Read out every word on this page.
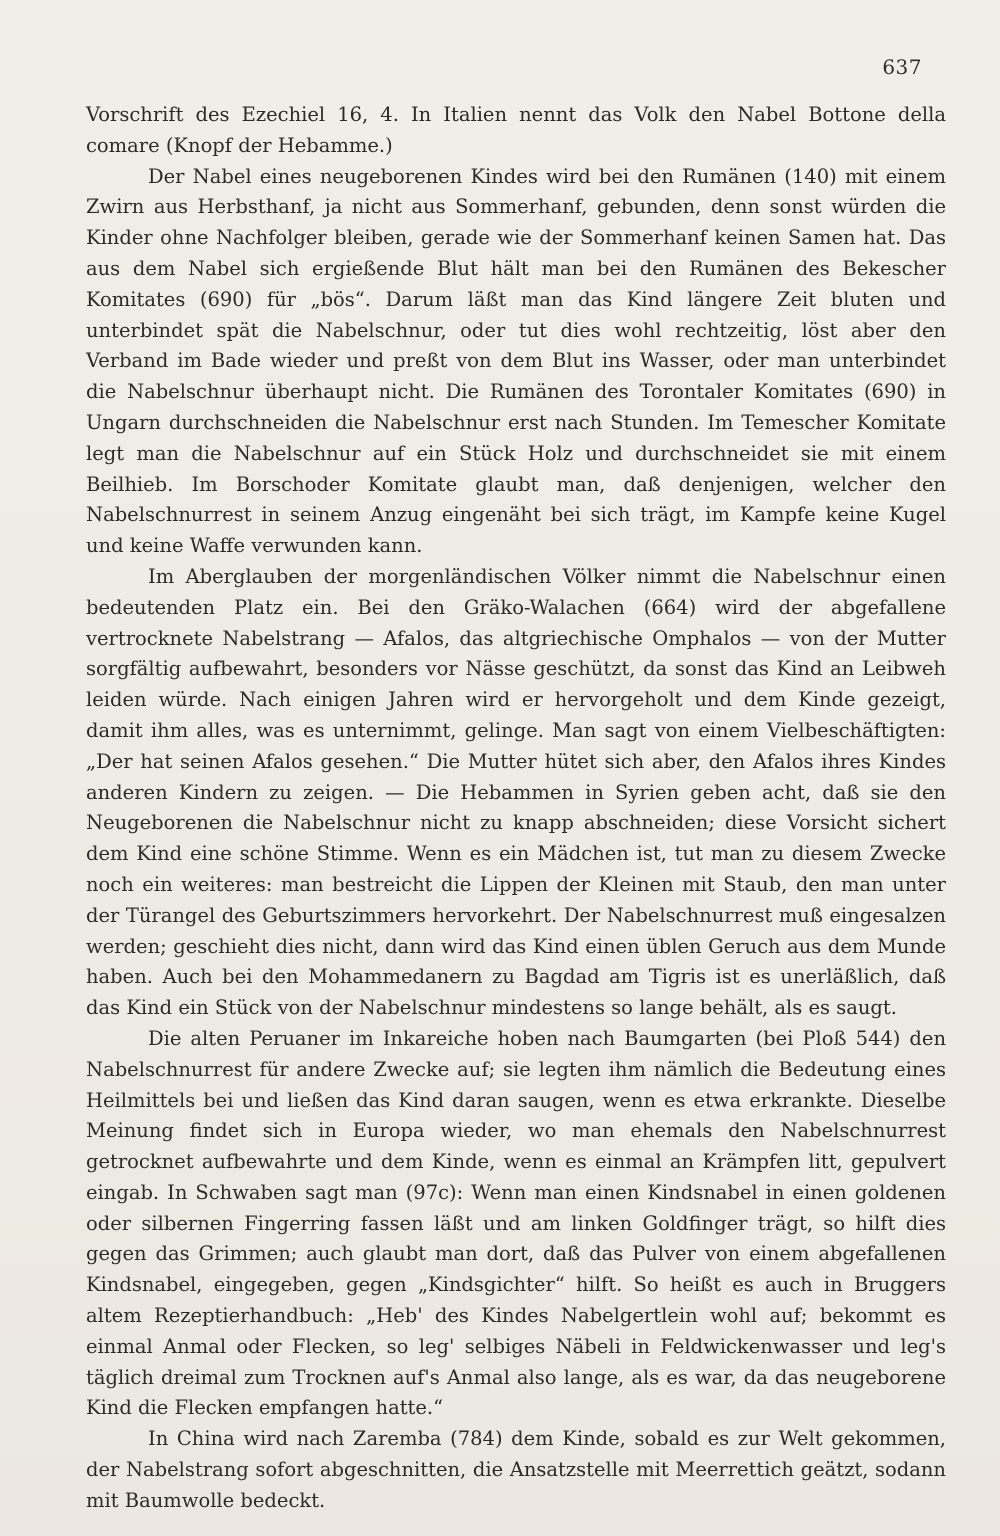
637

Vorschrift des Ezechiel 16, 4. In Italien nennt das Volk den Nabel Bottone della comare (Knopf der Hebamme.)

Der Nabel eines neugeborenen Kindes wird bei den Rumänen (140) mit einem Zwirn aus Herbsthanf, ja nicht aus Sommerhanf, gebunden, denn sonst würden die Kinder ohne Nachfolger bleiben, gerade wie der Sommerhanf keinen Samen hat. Das aus dem Nabel sich ergießende Blut hält man bei den Rumänen des Bekescher Komitates (690) für „bös“. Darum läßt man das Kind längere Zeit bluten und unterbindet spät die Nabelschnur, oder tut dies wohl rechtzeitig, löst aber den Verband im Bade wieder und preßt von dem Blut ins Wasser, oder man unterbindet die Nabelschnur überhaupt nicht. Die Rumänen des Torontaler Komitates (690) in Ungarn durchschneiden die Nabelschnur erst nach Stunden. Im Temescher Komitate legt man die Nabelschnur auf ein Stück Holz und durchschneidet sie mit einem Beilhieb. Im Borschoder Komitate glaubt man, daß denjenigen, welcher den Nabelschnurrest in seinem Anzug eingenäht bei sich trägt, im Kampfe keine Kugel und keine Waffe verwunden kann.

Im Aberglauben der morgenländischen Völker nimmt die Nabelschnur einen bedeutenden Platz ein. Bei den Gräko-Walachen (664) wird der abgefallene vertrocknete Nabelstrang — Afalos, das altgriechische Omphalos — von der Mutter sorgfältig aufbewahrt, besonders vor Nässe geschützt, da sonst das Kind an Leibweh leiden würde. Nach einigen Jahren wird er hervorgeholt und dem Kinde gezeigt, damit ihm alles, was es unternimmt, gelinge. Man sagt von einem Vielbeschäftigten: „Der hat seinen Afalos gesehen.“ Die Mutter hütet sich aber, den Afalos ihres Kindes anderen Kindern zu zeigen. — Die Hebammen in Syrien geben acht, daß sie den Neugeborenen die Nabelschnur nicht zu knapp abschneiden; diese Vorsicht sichert dem Kind eine schöne Stimme. Wenn es ein Mädchen ist, tut man zu diesem Zwecke noch ein weiteres: man bestreicht die Lippen der Kleinen mit Staub, den man unter der Türangel des Geburtszimmers hervorkehrt. Der Nabelschnurrest muß eingesalzen werden; geschieht dies nicht, dann wird das Kind einen üblen Geruch aus dem Munde haben. Auch bei den Mohammedanern zu Bagdad am Tigris ist es unerläßlich, daß das Kind ein Stück von der Nabelschnur mindestens so lange behält, als es saugt.

Die alten Peruaner im Inkareiche hoben nach Baumgarten (bei Ploß 544) den Nabelschnurrest für andere Zwecke auf; sie legten ihm nämlich die Bedeutung eines Heilmittels bei und ließen das Kind daran saugen, wenn es etwa erkrankte. Dieselbe Meinung findet sich in Europa wieder, wo man ehemals den Nabelschnurrest getrocknet aufbewahrte und dem Kinde, wenn es einmal an Krämpfen litt, gepulvert eingab. In Schwaben sagt man (97c): Wenn man einen Kindsnabel in einen goldenen oder silbernen Fingerring fassen läßt und am linken Goldfinger trägt, so hilft dies gegen das Grimmen; auch glaubt man dort, daß das Pulver von einem abgefallenen Kindsnabel, eingegeben, gegen „Kindsgichter“ hilft. So heißt es auch in Bruggers altem Rezeptierhandbuch: „Heb' des Kindes Nabelgertlein wohl auf; bekommt es einmal Anmal oder Flecken, so leg' selbiges Näbeli in Feldwickenwasser und leg's täglich dreimal zum Trocknen auf's Anmal also lange, als es war, da das neugeborene Kind die Flecken empfangen hatte.“

In China wird nach Zaremba (784) dem Kinde, sobald es zur Welt gekommen, der Nabelstrang sofort abgeschnitten, die Ansatzstelle mit Meerrettich geätzt, sodann mit Baumwolle bedeckt.
